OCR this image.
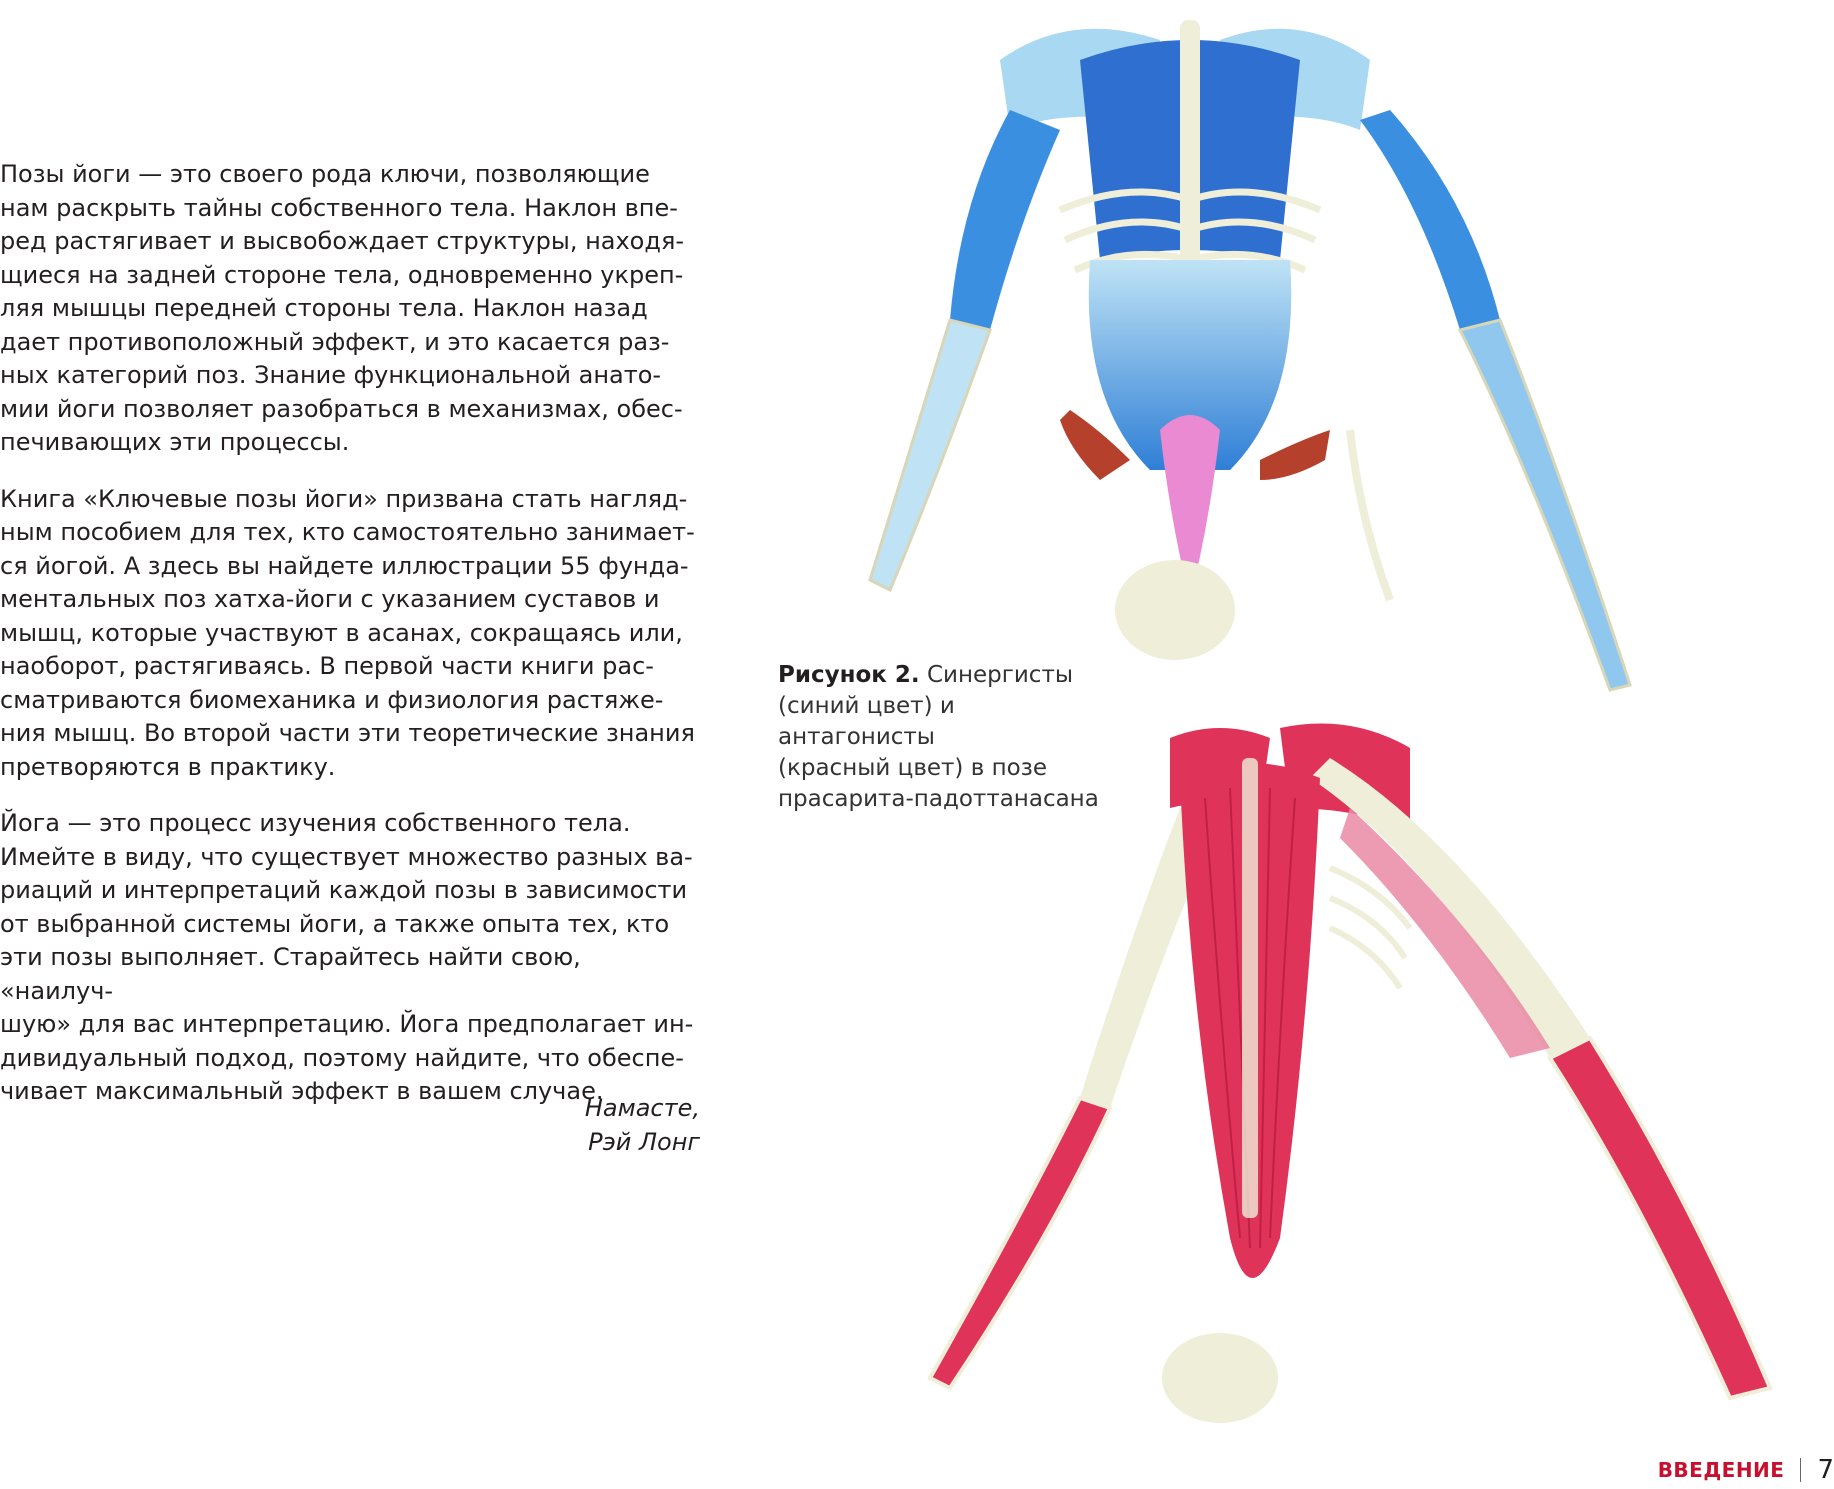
Позы йоги — это своего рода ключи, позволяющие
нам раскрыть тайны собственного тела. Наклон впе-
ред растягивает и высвобождает структуры, находя-
щиеся на задней стороне тела, одновременно укреп-
ляя мышцы передней стороны тела. Наклон назад
дает противоположный эффект, и это касается раз-
ных категорий поз. Знание функциональной анато-
мии йоги позволяет разобраться в механизмах, обес-
печивающих эти процессы.

Книга «Ключевые позы йоги» призвана стать нагляд-
ным пособием для тех, кто самостоятельно занимает-
ся йогой. А здесь вы найдете иллюстрации 55 фунда-
ментальных поз хатха-йоги с указанием суставов и
мышц, которые участвуют в асанах, сокращаясь или,
наоборот, растягиваясь. В первой части книги рас-
сматриваются биомеханика и физиология растяже-
ния мышц. Во второй части эти теоретические знания
претворяются в практику.

Йога — это процесс изучения собственного тела.
Имейте в виду, что существует множество разных ва-
риаций и интерпретаций каждой позы в зависимости
от выбранной системы йоги, а также опыта тех, кто
эти позы выполняет. Старайтесь найти свою, «наилуч-
шую» для вас интерпретацию. Йога предполагает ин-
дивидуальный подход, поэтому найдите, что обеспе-
чивает максимальный эффект в вашем случае.

Намасте,
Рэй Лонг
Рисунок 2. Синергисты
(синий цвет) и антагонисты
(красный цвет) в позе
прасарита-падоттанасана
ВВЕДЕНИЕ 7
